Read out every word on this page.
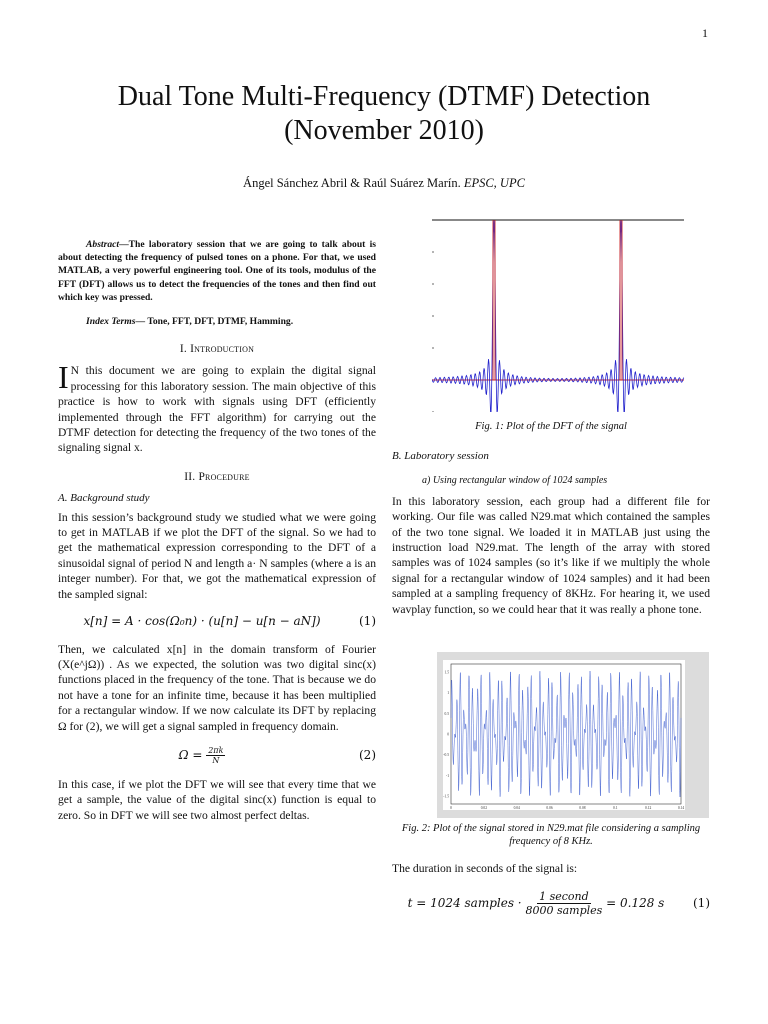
1
Dual Tone Multi-Frequency (DTMF) Detection
(November 2010)
Ángel Sánchez Abril & Raúl Suárez Marín. EPSC, UPC

Abstract—The laboratory session that we are going to talk about is about detecting the frequency of pulsed tones on a phone. For that, we used MATLAB, a very powerful engineering tool. One of its tools, modulus of the FFT (DFT) allows us to detect the frequencies of the tones and then find out which key was pressed.

Index Terms— Tone, FFT, DFT, DTMF, Hamming.

I. Introduction

I N this document we are going to explain the digital signal processing for this laboratory session. The main objective of this practice is how to work with signals using DFT (efficiently implemented through the FFT algorithm) for carrying out the DTMF detection for detecting the frequency of the two tones of the signaling signal x.

II. Procedure
A. Background study

In this session’s background study we studied what we were going to get in MATLAB if we plot the DFT of the signal. So we had to get the mathematical expression corresponding to the DFT of a sinusoidal signal of period N and length a· N samples (where a is an integer number). For that, we got the mathematical expression of the sampled signal:

x[n] = A · cos(Ω₀n) · (u[n] − u[n − aN])	(1)

Then, we calculated x[n] in the domain transform of Fourier (X(e^jΩ)) . As we expected, the solution was two digital sinc(x) functions placed in the frequency of the tone. That is because we do not have a tone for an infinite time, because it has been multiplied for a rectangular window. If we now calculate its DFT by replacing Ω for (2), we will get a signal sampled in frequency domain.

$\Omega = \frac{2\pi k}{N}$	(2)

In this case, if we plot the DFT we will see that every time that we get a sample, the value of the digital sinc(x) function is equal to zero. So in DFT we will see two almost perfect deltas.

Fig. 1: Plot of the DFT of the signal
B. Laboratory session
a) Using rectangular window of 1024 samples

In this laboratory session, each group had a different file for working. Our file was called N29.mat which contained the samples of the two tone signal. We loaded it in MATLAB just using the instruction load N29.mat. The length of the array with stored samples was of 1024 samples (so it’s like if we multiply the whole signal for a rectangular window of 1024 samples) and it had been sampled at a sampling frequency of 8KHz. For hearing it, we used wavplay function, so we could hear that it was really a phone tone.

1.5
1
0.5
0
-0.5
-1
-1.5
0	0.02	0.04	0.06	0.08	0.1	0.12	0.14
Fig. 2: Plot of the signal stored in N29.mat file considering a sampling frequency of 8 KHz.

The duration in seconds of the signal is:

t = 1024 samples · $\frac{\text{1 second}}{\text{8000 samples}} = 0.128$ s	(1)
